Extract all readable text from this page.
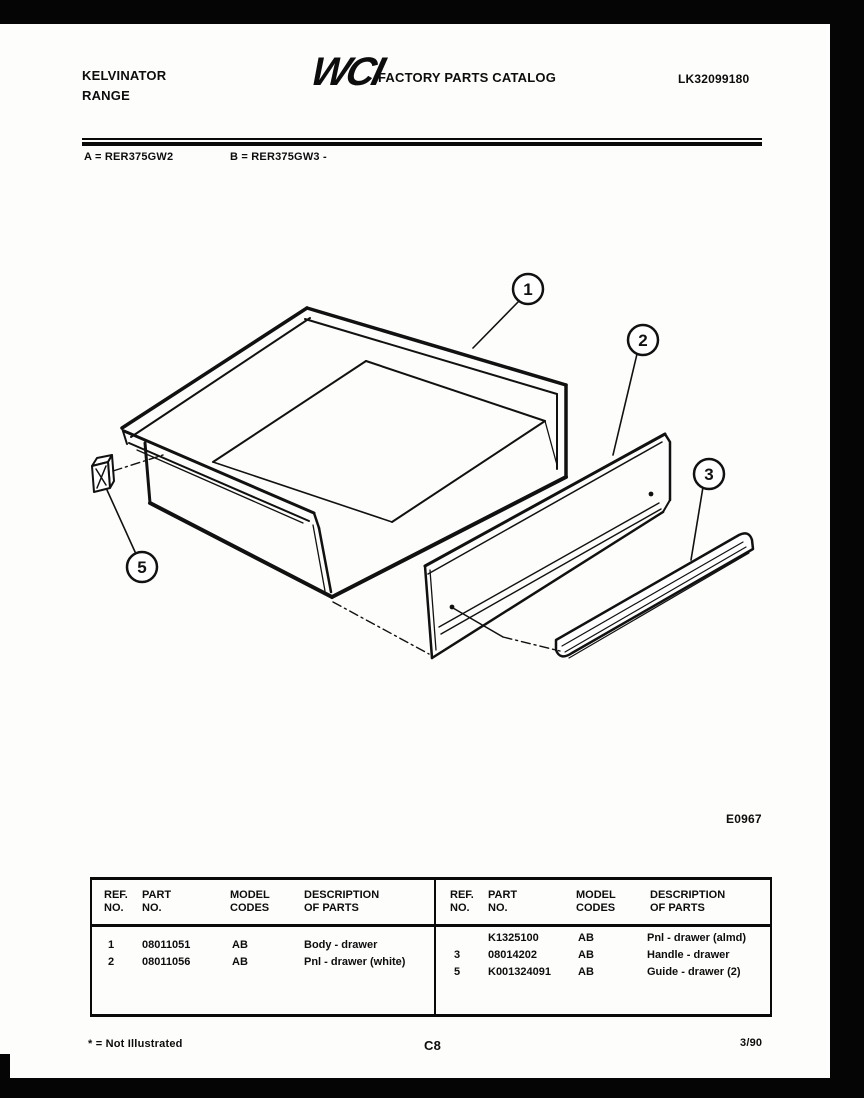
KELVINATOR
RANGE
WCI
FACTORY PARTS CATALOG	LK32099180
A = RER375GW2	B = RER375GW3 -
1
2
3
5
E0967
REF.
NO.
PART
NO.
MODEL
CODES
DESCRIPTION
OF PARTS
REF.
NO.
PART
NO.
MODEL
CODES
DESCRIPTION
OF PARTS
1	08011051	AB	Body - drawer
2	08011056	AB	Pnl - drawer (white)
K1325100	AB	Pnl - drawer (almd)
3	08014202	AB	Handle - drawer
5	K001324091 AB	Guide - drawer (2)
* = Not Illustrated	C8	3/90
